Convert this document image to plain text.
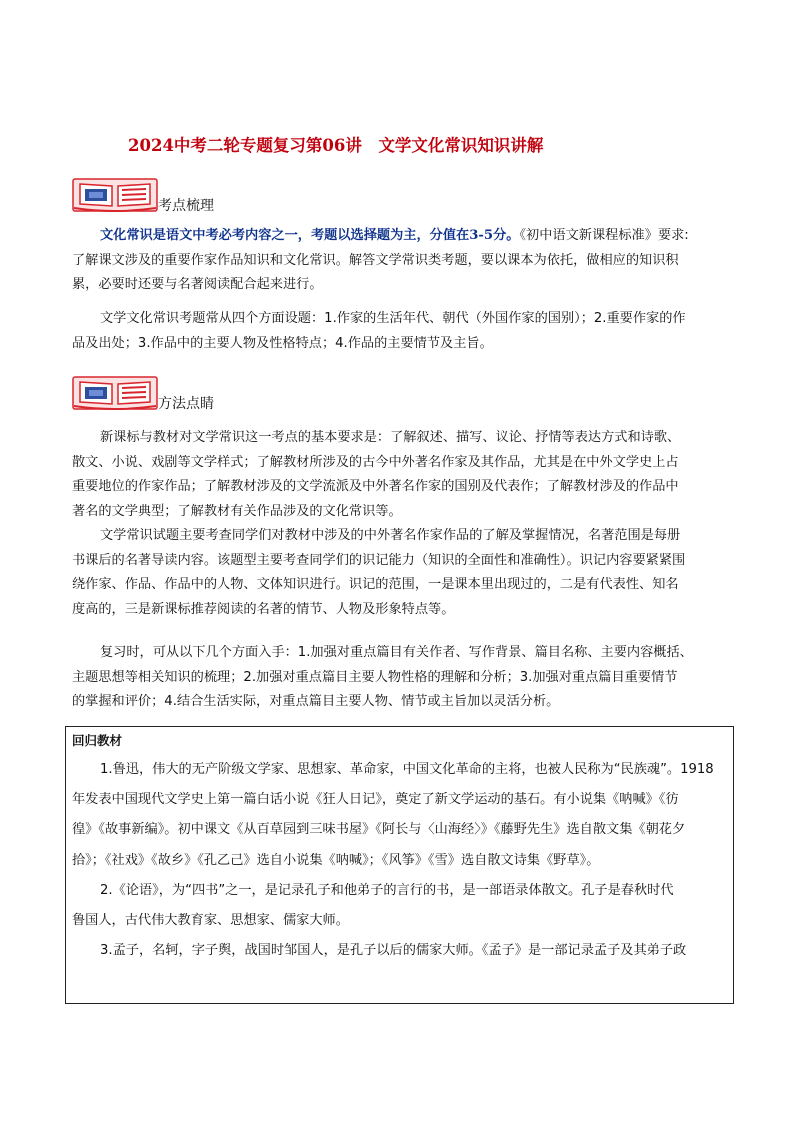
2024中考二轮专题复习第06讲　文学文化常识知识讲解
考点梳理
文化常识是语文中考必考内容之一，考题以选择题为主，分值在3-5分。《初中语文新课程标准》要求:
了解课文涉及的重要作家作品知识和文化常识。解答文学常识类考题，要以课本为依托，做相应的知识积
累，必要时还要与名著阅读配合起来进行。
文学文化常识考题常从四个方面设题：1.作家的生活年代、朝代（外国作家的国别）；2.重要作家的作
品及出处；3.作品中的主要人物及性格特点；4.作品的主要情节及主旨。
方法点睛
新课标与教材对文学常识这一考点的基本要求是：了解叙述、描写、议论、抒情等表达方式和诗歌、
散文、小说、戏剧等文学样式；了解教材所涉及的古今中外著名作家及其作品，尤其是在中外文学史上占
重要地位的作家作品；了解教材涉及的文学流派及中外著名作家的国别及代表作；了解教材涉及的作品中
著名的文学典型；了解教材有关作品涉及的文化常识等。
文学常识试题主要考查同学们对教材中涉及的中外著名作家作品的了解及掌握情况，名著范围是每册
书课后的名著导读内容。该题型主要考查同学们的识记能力（知识的全面性和准确性）。识记内容要紧紧围
绕作家、作品、作品中的人物、文体知识进行。识记的范围，一是课本里出现过的，二是有代表性、知名
度高的，三是新课标推荐阅读的名著的情节、人物及形象特点等。
复习时，可从以下几个方面入手：1.加强对重点篇目有关作者、写作背景、篇目名称、主要内容概括、
主题思想等相关知识的梳理；2.加强对重点篇目主要人物性格的理解和分析；3.加强对重点篇目重要情节
的掌握和评价；4.结合生活实际，对重点篇目主要人物、情节或主旨加以灵活分析。
回归教材
1.鲁迅，伟大的无产阶级文学家、思想家、革命家，中国文化革命的主将，也被人民称为“民族魂”。1918
年发表中国现代文学史上第一篇白话小说《狂人日记》，奠定了新文学运动的基石。有小说集《呐喊》《彷
徨》《故事新编》。初中课文《从百草园到三味书屋》《阿长与〈山海经〉》《藤野先生》选自散文集《朝花夕
拾》；《社戏》《故乡》《孔乙己》选自小说集《呐喊》；《风筝》《雪》选自散文诗集《野草》。
2.《论语》，为“四书”之一，是记录孔子和他弟子的言行的书，是一部语录体散文。孔子是春秋时代
鲁国人，古代伟大教育家、思想家、儒家大师。
3.孟子，名轲，字子舆，战国时邹国人，是孔子以后的儒家大师。《孟子》是一部记录孟子及其弟子政
